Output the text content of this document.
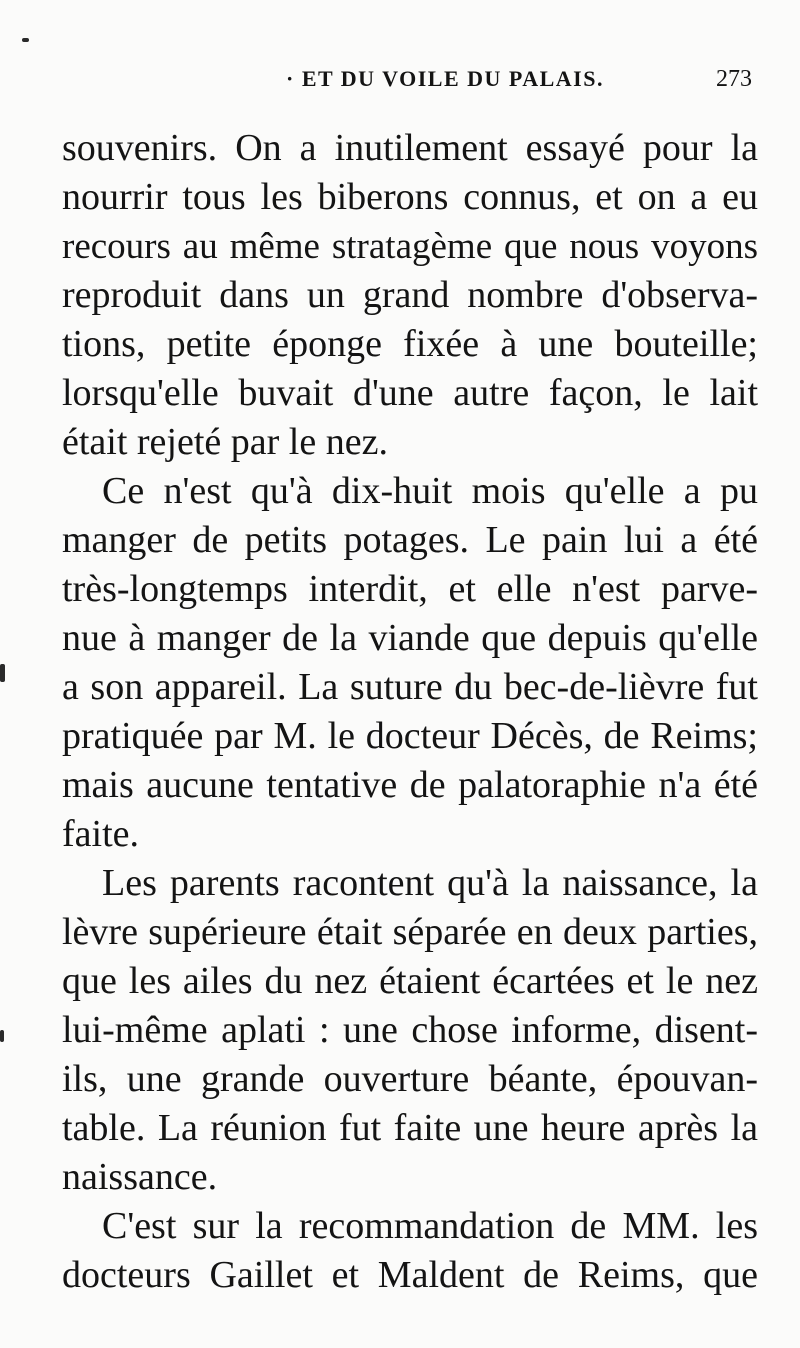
· ET DU VOILE DU PALAIS.	273
souvenirs. On a inutilement essayé pour la
nourrir tous les biberons connus, et on a eu
recours au même stratagème que nous voyons
reproduit dans un grand nombre d'observa-
tions, petite éponge fixée à une bouteille;
lorsqu'elle buvait d'une autre façon, le lait
était rejeté par le nez.
Ce n'est qu'à dix-huit mois qu'elle a pu
manger de petits potages. Le pain lui a été
très-longtemps interdit, et elle n'est parve-
nue à manger de la viande que depuis qu'elle
a son appareil. La suture du bec-de-lièvre fut
pratiquée par M. le docteur Décès, de Reims;
mais aucune tentative de palatoraphie n'a été
faite.
Les parents racontent qu'à la naissance, la
lèvre supérieure était séparée en deux parties,
que les ailes du nez étaient écartées et le nez
lui-même aplati : une chose informe, disent-
ils, une grande ouverture béante, épouvan-
table. La réunion fut faite une heure après la
naissance.
C'est sur la recommandation de MM. les
docteurs Gaillet et Maldent de Reims, que
